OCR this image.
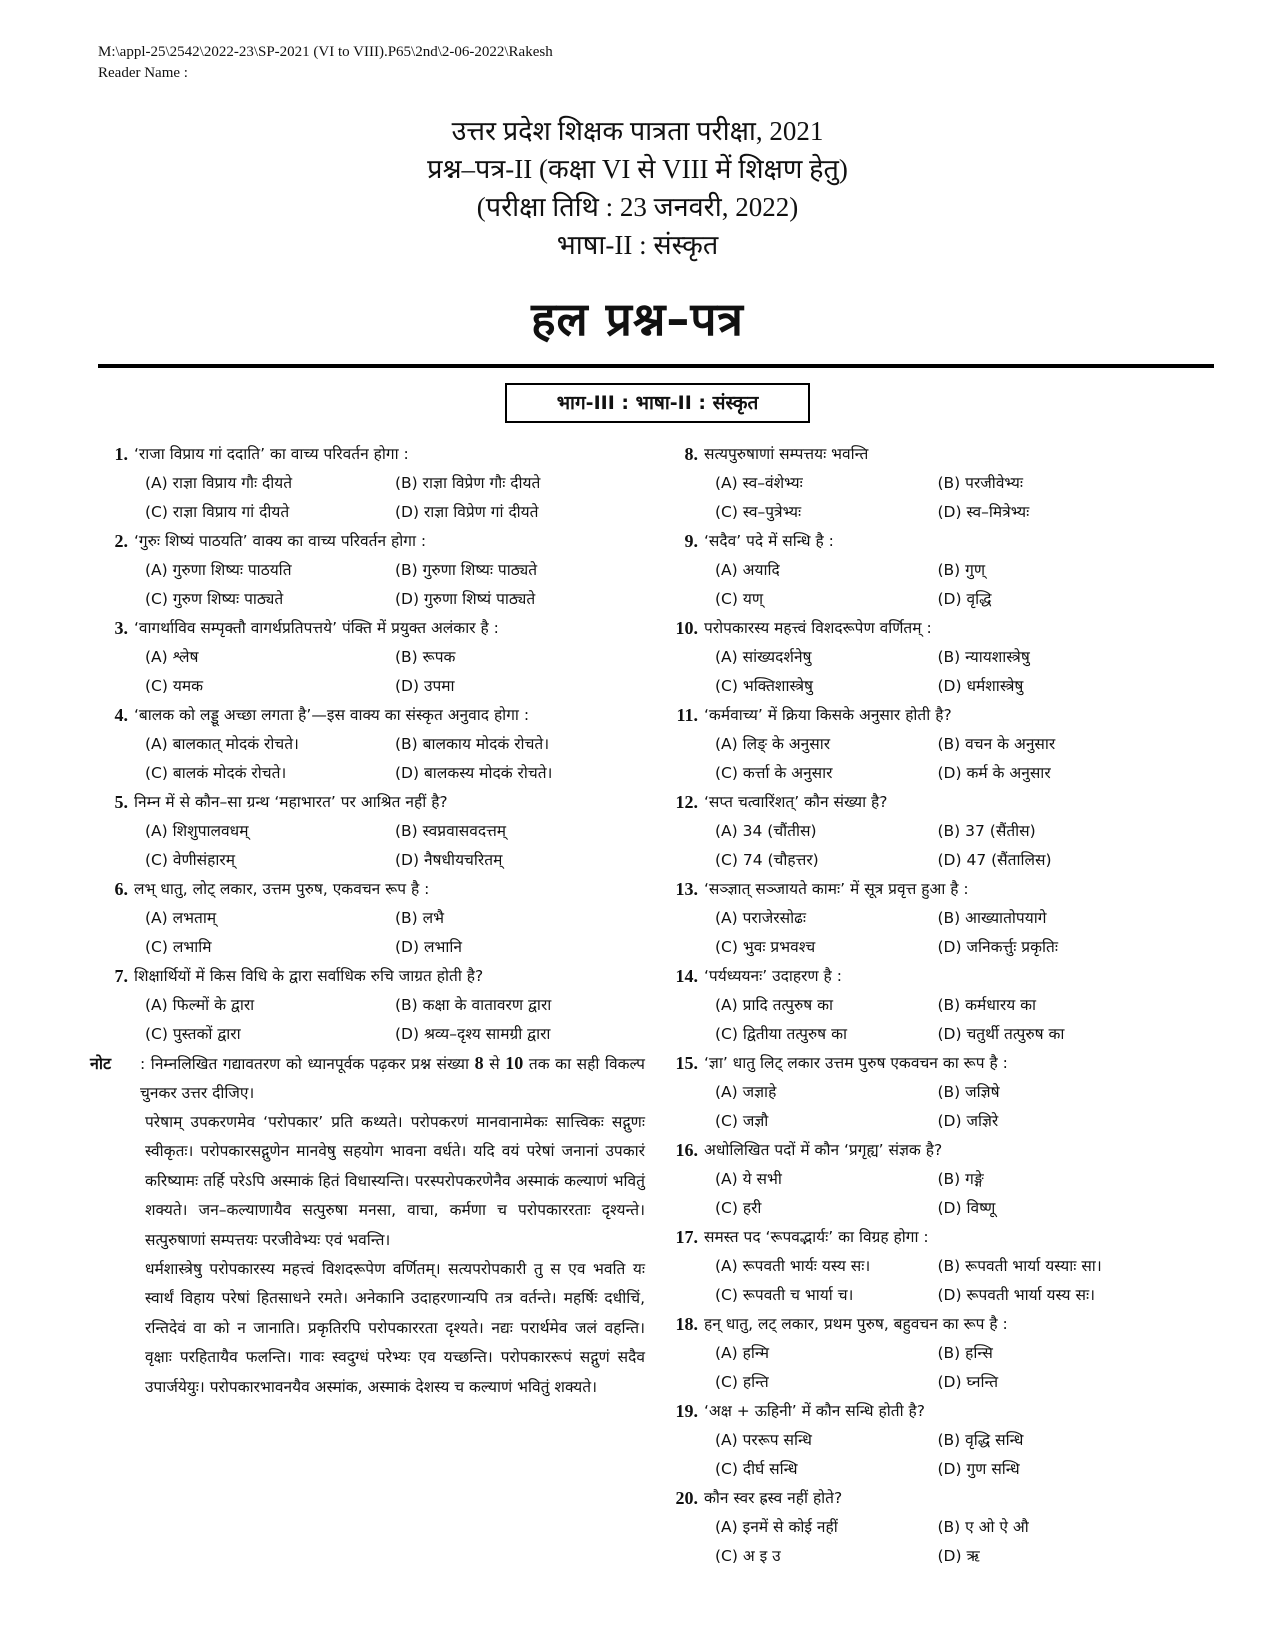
M:\appl-25\2542\2022-23\SP-2021 (VI to VIII).P65\2nd\2-06-2022\Rakesh
Reader Name :
उत्तर प्रदेश शिक्षक पात्रता परीक्षा, 2021
प्रश्न–पत्र-II (कक्षा VI से VIII में शिक्षण हेतु)
(परीक्षा तिथि : 23 जनवरी, 2022)
भाषा-II : संस्कृत
हल प्रश्न–पत्र
भाग-III : भाषा-II : संस्कृत
1. ‘राजा विप्राय गां ददाति’ का वाच्य परिवर्तन होगा :
(A) राज्ञा विप्राय गौः दीयते	(B) राज्ञा विप्रेण गौः दीयते
(C) राज्ञा विप्राय गां दीयते	(D) राज्ञा विप्रेण गां दीयते
2. ‘गुरुः शिष्यं पाठयति’ वाक्य का वाच्य परिवर्तन होगा :
(A) गुरुणा शिष्यः पाठयति	(B) गुरुणा शिष्यः पाठ्यते
(C) गुरुण शिष्यः पाठ्यते	(D) गुरुणा शिष्यं पाठ्यते
3. ‘वागर्थाविव सम्पृक्तौ वागर्थप्रतिपत्तये’ पंक्ति में प्रयुक्त अलंकार है :
(A) श्लेष	(B) रूपक
(C) यमक	(D) उपमा
4. ‘बालक को लड्डू अच्छा लगता है’—इस वाक्य का संस्कृत अनुवाद होगा :
(A) बालकात् मोदकं रोचते।	(B) बालकाय मोदकं रोचते।
(C) बालकं मोदकं रोचते।	(D) बालकस्य मोदकं रोचते।
5. निम्न में से कौन–सा ग्रन्थ ‘महाभारत’ पर आश्रित नहीं है?
(A) शिशुपालवधम्	(B) स्वप्नवासवदत्तम्
(C) वेणीसंहारम्	(D) नैषधीयचरितम्
6. लभ् धातु, लोट् लकार, उत्तम पुरुष, एकवचन रूप है :
(A) लभताम्	(B) लभै
(C) लभामि	(D) लभानि
7. शिक्षार्थियों में किस विधि के द्वारा सर्वाधिक रुचि जाग्रत होती है?
(A) फिल्मों के द्वारा	(B) कक्षा के वातावरण द्वारा
(C) पुस्तकों द्वारा	(D) श्रव्य–दृश्य सामग्री द्वारा
नोट	: निम्नलिखित गद्यावतरण को ध्यानपूर्वक पढ़कर प्रश्न संख्या 8 से 10 तक का सही विकल्प चुनकर उत्तर दीजिए।

परेषाम् उपकरणमेव ‘परोपकार’ प्रति कथ्यते। परोपकरणं मानवानामेकः सात्त्विकः सद्गुणः स्वीकृतः। परोपकारसद्गुणेन मानवेषु सहयोग भावना वर्धते। यदि वयं परेषां जनानां उपकारं करिष्यामः तर्हि परेऽपि अस्माकं हितं विधास्यन्ति। परस्परोपकरणेनैव अस्माकं कल्याणं भवितुं शक्यते। जन–कल्याणायैव सत्पुरुषा मनसा, वाचा, कर्मणा च परोपकाररताः दृश्यन्ते। सत्पुरुषाणां सम्पत्तयः परजीवेभ्यः एवं भवन्ति।

धर्मशास्त्रेषु परोपकारस्य महत्त्वं विशदरूपेण वर्णितम्। सत्यपरोपकारी तु स एव भवति यः स्वार्थं विहाय परेषां हितसाधने रमते। अनेकानि उदाहरणान्यपि तत्र वर्तन्ते। महर्षिः दधीचिं, रन्तिदेवं वा को न जानाति। प्रकृतिरपि परोपकाररता दृश्यते। नद्यः परार्थमेव जलं वहन्ति। वृक्षाः परहितायैव फलन्ति। गावः स्वदुग्धं परेभ्यः एव यच्छन्ति। परोपकाररूपं सद्गुणं सदैव उपार्जयेयुः। परोपकारभावनयैव अस्मांक, अस्माकं देशस्य च कल्याणं भवितुं शक्यते।

8. सत्यपुरुषाणां सम्पत्तयः भवन्ति
(A) स्व–वंशेभ्यः	(B) परजीवेभ्यः
(C) स्व–पुत्रेभ्यः	(D) स्व–मित्रेभ्यः
9. ‘सदैव’ पदे में सन्धि है :
(A) अयादि	(B) गुण्
(C) यण्	(D) वृद्धि
10. परोपकारस्य महत्त्वं विशदरूपेण वर्णितम् :
(A) सांख्यदर्शनेषु	(B) न्यायशास्त्रेषु
(C) भक्तिशास्त्रेषु	(D) धर्मशास्त्रेषु
11. ‘कर्मवाच्य’ में क्रिया किसके अनुसार होती है?
(A) लिङ् के अनुसार	(B) वचन के अनुसार
(C) कर्त्ता के अनुसार	(D) कर्म के अनुसार
12. ‘सप्त चत्वारिंशत्’ कौन संख्या है?
(A) 34 (चौंतीस)	(B) 37 (सैंतीस)
(C) 74 (चौहत्तर)	(D) 47 (सैंतालिस)
13. ‘सञ्ज्ञात् सञ्जायते कामः’ में सूत्र प्रवृत्त हुआ है :
(A) पराजेरसोढः	(B) आख्यातोपयागे
(C) भुवः प्रभवश्च	(D) जनिकर्त्तुः प्रकृतिः
14. ‘पर्यध्ययनः’ उदाहरण है :
(A) प्रादि तत्पुरुष का	(B) कर्मधारय का
(C) द्वितीया तत्पुरुष का	(D) चतुर्थी तत्पुरुष का
15. ‘ज्ञा’ धातु लिट् लकार उत्तम पुरुष एकवचन का रूप है :
(A) जज्ञाहे	(B) जज्ञिषे
(C) जज्ञौ	(D) जज्ञिरे
16. अधोलिखित पदों में कौन ‘प्रगृह्य’ संज्ञक है?
(A) ये सभी	(B) गङ्गे
(C) हरी	(D) विष्णू
17. समस्त पद ‘रूपवद्भार्यः’ का विग्रह होगा :
(A) रूपवती भार्यः यस्य सः।	(B) रूपवती भार्या यस्याः सा।
(C) रूपवती च भार्या च।	(D) रूपवती भार्या यस्य सः।
18. हन् धातु, लट् लकार, प्रथम पुरुष, बहुवचन का रूप है :
(A) हन्मि	(B) हन्सि
(C) हन्ति	(D) घ्नन्ति
19. ‘अक्ष + ऊहिनी’ में कौन सन्धि होती है?
(A) पररूप सन्धि	(B) वृद्धि सन्धि
(C) दीर्घ सन्धि	(D) गुण सन्धि
20. कौन स्वर ह्रस्व नहीं होते?
(A) इनमें से कोई नहीं	(B) ए ओ ऐ औ
(C) अ इ उ	(D) ऋ
